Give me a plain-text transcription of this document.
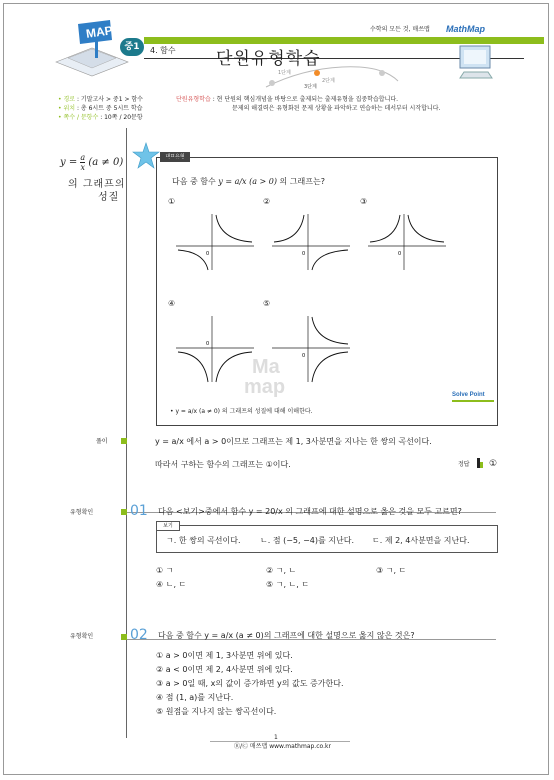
MAP
중1	4. 함수 단원유형학습
수학의 모든 것, 매쓰맵 MathMap
1단계
2단계
3단계
• 경로 : 기말고사 > 중1 > 함수
• 위치 : 총 6시트 중 5시트 학습
• 쪽수 / 문항수 : 10쪽 / 20문항
단원유형학습 : 현 단원의 핵심개념을 바탕으로 출제되는 출제유형을 집중학습합니다.
문제의 해결력은 유형화된 문제 상황을 파악하고 연습하는 데서부터 시작합니다.
$y = \frac{a}{x} (a \ne 0)$
의 그래프의
성질
대표유형
다음 중 함수 y = a/x (a > 0) 의 그래프는?
①	②	③
④	⑤
0	0	0
0
0
Ma
map	Solve Point
• y = a/x (a ≠ 0) 의 그래프의 성질에 대해 이해한다.
풀이	y = a/x 에서 a > 0이므로 그래프는 제 1, 3사분면을 지나는 한 쌍의 곡선이다.
따라서 구하는 함수의 그래프는 ①이다.	정답 ①
유형확인	01 다음 <보기>중에서 함수 y = 20/x 의 그래프에 대한 설명으로 옳은 것을 모두 고르면?
보기
ㄱ. 한 쌍의 곡선이다. ㄴ. 점 (−5, −4)를 지난다. ㄷ. 제 2, 4사분면을 지난다.
① ㄱ	② ㄱ, ㄴ	③ ㄱ, ㄷ
④ ㄴ, ㄷ	⑤ ㄱ, ㄴ, ㄷ
유형확인	02 다음 중 함수 y = a/x (a ≠ 0)의 그래프에 대한 설명으로 옳지 않은 것은?
① a > 0이면 제 1, 3사분면 위에 있다.
② a < 0이면 제 2, 4사분면 위에 있다.
③ a > 0일 때, x의 값이 증가하면 y의 값도 증가한다.
④ 점 (1, a)를 지난다.
⑤ 원점을 지나지 않는 쌍곡선이다.
1
Ⓡ/Ⓒ 매쓰맵 www.mathmap.co.kr
